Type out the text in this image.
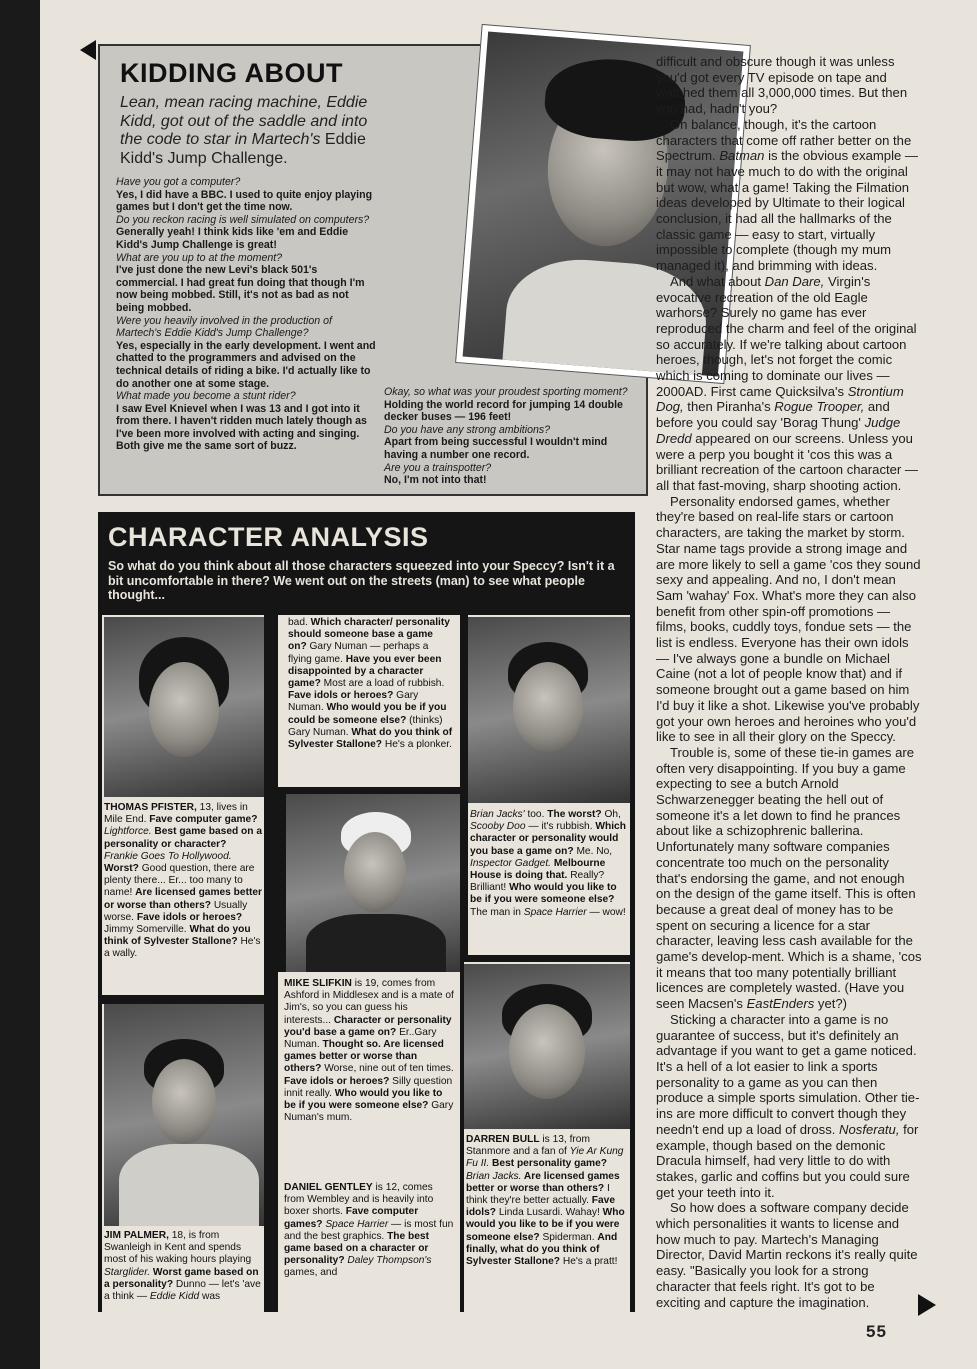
KIDDING ABOUT

Lean, mean racing machine, Eddie Kidd, got out of the saddle and into the code to star in Martech's Eddie Kidd's Jump Challenge.

Have you got a computer?
Yes, I did have a BBC. I used to quite enjoy playing games but I don't get the time now.
Do you reckon racing is well simulated on computers?
Generally yeah! I think kids like 'em and Eddie Kidd's Jump Challenge is great!
What are you up to at the moment?
I've just done the new Levi's black 501's commercial. I had great fun doing that though I'm now being mobbed. Still, it's not as bad as not being mobbed.
Were you heavily involved in the production of Martech's Eddie Kidd's Jump Challenge?
Yes, especially in the early development. I went and chatted to the programmers and advised on the technical details of riding a bike. I'd actually like to do another one at some stage.
What made you become a stunt rider?
I saw Evel Knievel when I was 13 and I got into it from there. I haven't ridden much lately though as I've been more involved with acting and singing. Both give me the same sort of buzz.
Okay, so what was your proudest sporting moment?
Holding the world record for jumping 14 double decker buses — 196 feet!
Do you have any strong ambitions?
Apart from being successful I wouldn't mind having a number one record.
Are you a trainspotter?
No, I'm not into that!
CHARACTER ANALYSIS

So what do you think about all those characters squeezed into your Speccy? Isn't it a bit uncomfortable in there? We went out on the streets (man) to see what people thought...

THOMAS PFISTER, 13, lives in Mile End. Fave computer game? Lightforce. Best game based on a personality or character? Frankie Goes To Hollywood. Worst? Good question, there are plenty there... Er... too many to name! Are licensed games better or worse than others? Usually worse. Fave idols or heroes? Jimmy Somerville. What do you think of Sylvester Stallone? He's a wally.

JIM PALMER, 18, is from Swanleigh in Kent and spends most of his waking hours playing Starglider. Worst game based on a personality? Dunno — let's 'ave a think — Eddie Kidd was

bad. Which character/ personality should someone base a game on? Gary Numan — perhaps a flying game. Have you ever been disappointed by a character game? Most are a load of rubbish. Fave idols or heroes? Gary Numan. Who would you be if you could be someone else? (thinks) Gary Numan. What do you think of Sylvester Stallone? He's a plonker.

MIKE SLIFKIN is 19, comes from Ashford in Middlesex and is a mate of Jim's, so you can guess his interests... Character or personality you'd base a game on? Er..Gary Numan. Thought so. Are licensed games better or worse than others? Worse, nine out of ten times. Fave idols or heroes? Silly question innit really. Who would you like to be if you were someone else? Gary Numan's mum.

DANIEL GENTLEY is 12, comes from Wembley and is heavily into boxer shorts. Fave computer games? Space Harrier — is most fun and the best graphics. The best game based on a character or personality? Daley Thompson's games, and

Brian Jacks' too. The worst? Oh, Scooby Doo — it's rubbish. Which character or personality would you base a game on? Me. No, Inspector Gadget. Melbourne House is doing that. Really? Brilliant! Who would you like to be if you were someone else? The man in Space Harrier — wow!

DARREN BULL is 13, from Stanmore and a fan of Yie Ar Kung Fu II. Best personality game? Brian Jacks. Are licensed games better or worse than others? I think they're better actually. Fave idols? Linda Lusardi. Wahay! Who would you like to be if you were someone else? Spiderman. And finally, what do you think of Sylvester Stallone? He's a pratt!

difficult and obscure though it was unless you'd got every TV episode on tape and watched them all 3,000,000 times. But then you had, hadn't you?

On balance, though, it's the cartoon characters that come off rather better on the Spectrum. Batman is the obvious example — it may not have much to do with the original but wow, what a game! Taking the Filmation ideas developed by Ultimate to their logical conclusion, it had all the hallmarks of the classic game — easy to start, virtually impossible to complete (though my mum managed it), and brimming with ideas.

And what about Dan Dare, Virgin's evocative recreation of the old Eagle warhorse? Surely no game has ever reproduced the charm and feel of the original so accurately. If we're talking about cartoon heroes, though, let's not forget the comic which is coming to dominate our lives — 2000AD. First came Quicksilva's Strontium Dog, then Piranha's Rogue Trooper, and before you could say 'Borag Thung' Judge Dredd appeared on our screens. Unless you were a perp you bought it 'cos this was a brilliant recreation of the cartoon character — all that fast-moving, sharp shooting action.

Personality endorsed games, whether they're based on real-life stars or cartoon characters, are taking the market by storm. Star name tags provide a strong image and are more likely to sell a game 'cos they sound sexy and appealing. And no, I don't mean Sam 'wahay' Fox. What's more they can also benefit from other spin-off promotions — films, books, cuddly toys, fondue sets — the list is endless. Everyone has their own idols — I've always gone a bundle on Michael Caine (not a lot of people know that) and if someone brought out a game based on him I'd buy it like a shot. Likewise you've probably got your own heroes and heroines who you'd like to see in all their glory on the Speccy.

Trouble is, some of these tie-in games are often very disappointing. If you buy a game expecting to see a butch Arnold Schwarzenegger beating the hell out of someone it's a let down to find he prances about like a schizophrenic ballerina. Unfortunately many software companies concentrate too much on the personality that's endorsing the game, and not enough on the design of the game itself. This is often because a great deal of money has to be spent on securing a licence for a star character, leaving less cash available for the game's develop-ment. Which is a shame, 'cos it means that too many potentially brilliant licences are completely wasted. (Have you seen Macsen's EastEnders yet?)

Sticking a character into a game is no guarantee of success, but it's definitely an advantage if you want to get a game noticed. It's a hell of a lot easier to link a sports personality to a game as you can then produce a simple sports simulation. Other tie-ins are more difficult to convert though they needn't end up a load of dross. Nosferatu, for example, though based on the demonic Dracula himself, had very little to do with stakes, garlic and coffins but you could sure get your teeth into it.

So how does a software company decide which personalities it wants to license and how much to pay. Martech's Managing Director, David Martin reckons it's really quite easy. "Basically you look for a strong character that feels right. It's got to be exciting and capture the imagination.

55
